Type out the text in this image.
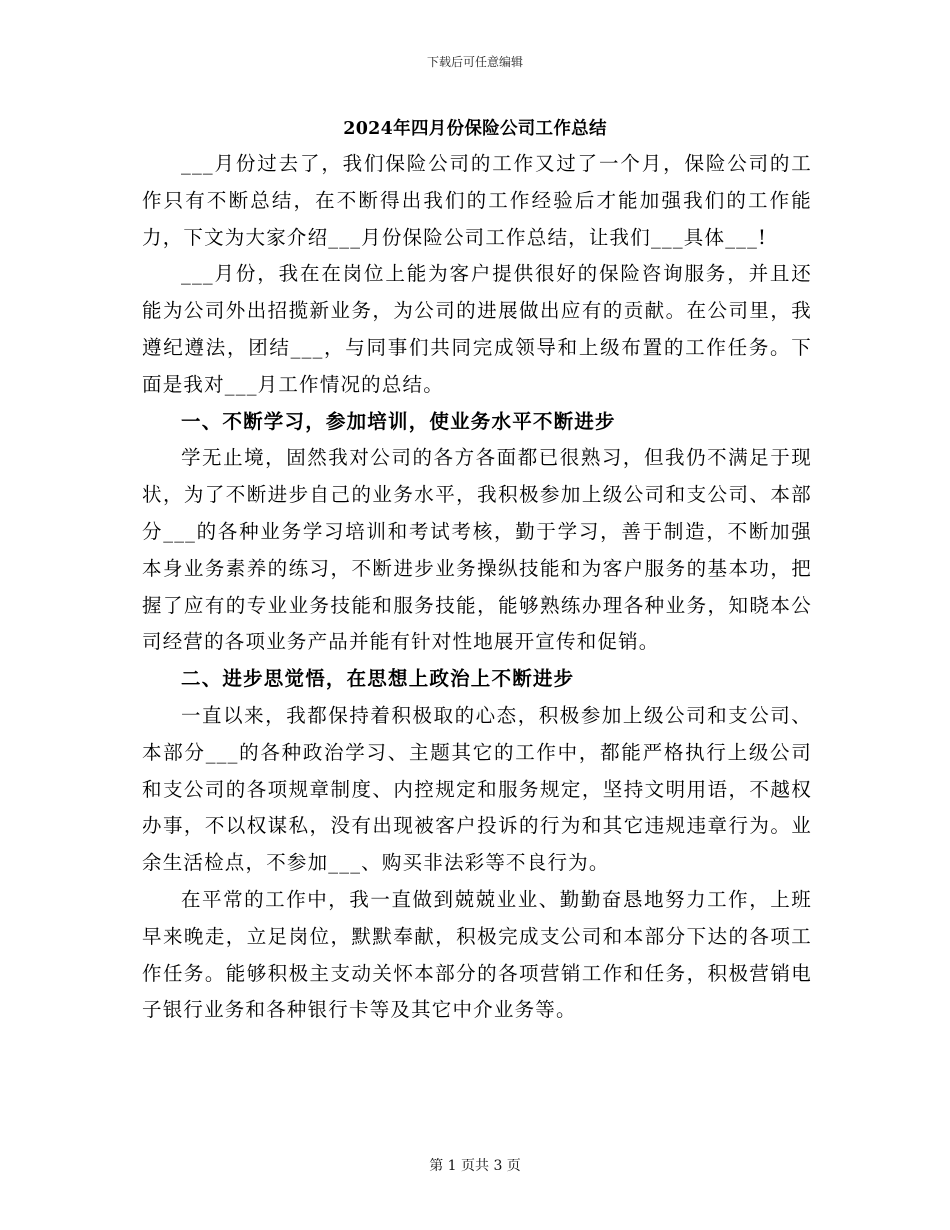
下载后可任意编辑
2024年四月份保险公司工作总结

___月份过去了，我们保险公司的工作又过了一个月，保险公司的工作只有不断总结，在不断得出我们的工作经验后才能加强我们的工作能力，下文为大家介绍___月份保险公司工作总结，让我们___具体___!

___月份，我在在岗位上能为客户提供很好的保险咨询服务，并且还能为公司外出招揽新业务，为公司的进展做出应有的贡献。在公司里，我遵纪遵法，团结___，与同事们共同完成领导和上级布置的工作任务。下面是我对___月工作情况的总结。

一、不断学习，参加培训，使业务水平不断进步

学无止境，固然我对公司的各方各面都已很熟习，但我仍不满足于现状，为了不断进步自己的业务水平，我积极参加上级公司和支公司、本部分___的各种业务学习培训和考试考核，勤于学习，善于制造，不断加强本身业务素养的练习，不断进步业务操纵技能和为客户服务的基本功，把握了应有的专业业务技能和服务技能，能够熟练办理各种业务，知晓本公司经营的各项业务产品并能有针对性地展开宣传和促销。

二、进步思觉悟，在思想上政治上不断进步

一直以来，我都保持着积极取的心态，积极参加上级公司和支公司、本部分___的各种政治学习、主题其它的工作中，都能严格执行上级公司和支公司的各项规章制度、内控规定和服务规定，坚持文明用语，不越权办事，不以权谋私，没有出现被客户投诉的行为和其它违规违章行为。业余生活检点，不参加___、购买非法彩等不良行为。

在平常的工作中，我一直做到兢兢业业、勤勤奋恳地努力工作，上班早来晚走，立足岗位，默默奉献，积极完成支公司和本部分下达的各项工作任务。能够积极主支动关怀本部分的各项营销工作和任务，积极营销电子银行业务和各种银行卡等及其它中介业务等。

第 1 页共 3 页
